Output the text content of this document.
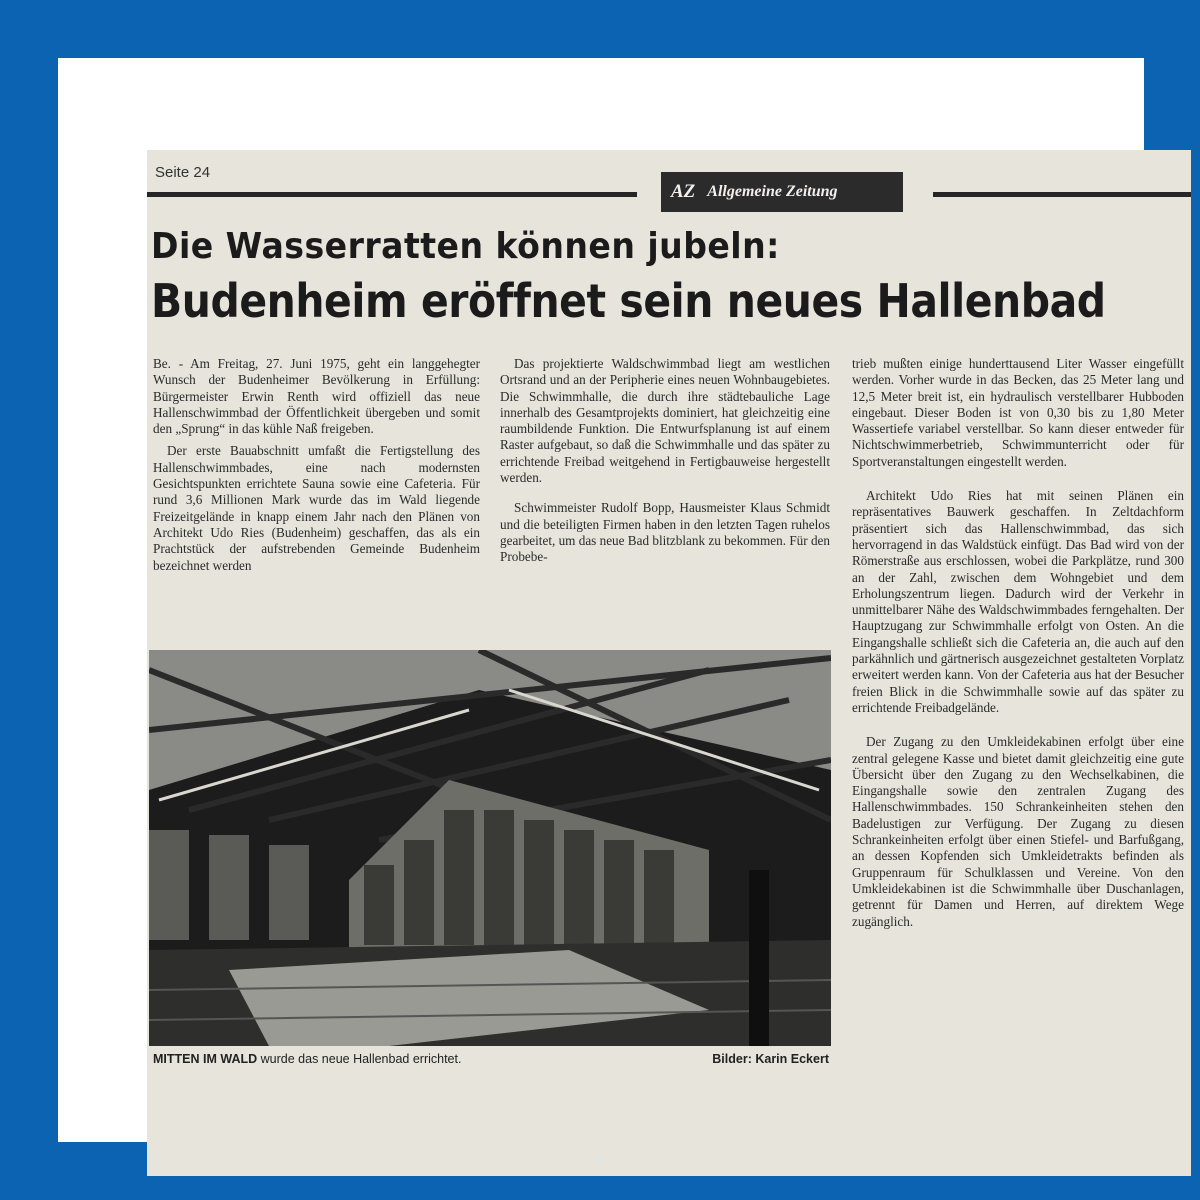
Seite 24
AZ Allgemeine Zeitung
Die Wasserratten können jubeln:
Budenheim eröffnet sein neues Hallenbad

Be. - Am Freitag, 27. Juni 1975, geht ein langgehegter Wunsch der Budenheimer Bevölkerung in Erfüllung: Bürgermeister Erwin Renth wird offiziell das neue Hallenschwimmbad der Öffentlichkeit übergeben und somit den „Sprung“ in das kühle Naß freigeben.

Der erste Bauabschnitt umfaßt die Fertigstellung des Hallenschwimmbades, eine nach modernsten Gesichtspunkten errichtete Sauna sowie eine Cafeteria. Für rund 3,6 Millionen Mark wurde das im Wald liegende Freizeitgelände in knapp einem Jahr nach den Plänen von Architekt Udo Ries (Budenheim) geschaffen, das als ein Prachtstück der aufstrebenden Gemeinde Budenheim bezeichnet werden

Das projektierte Waldschwimmbad liegt am westlichen Ortsrand und an der Peripherie eines neuen Wohnbaugebietes. Die Schwimmhalle, die durch ihre städtebauliche Lage innerhalb des Gesamtprojekts dominiert, hat gleichzeitig eine raumbildende Funktion. Die Entwurfsplanung ist auf einem Raster aufgebaut, so daß die Schwimmhalle und das später zu errichtende Freibad weitgehend in Fertigbauweise hergestellt werden.

Schwimmeister Rudolf Bopp, Hausmeister Klaus Schmidt und die beteiligten Firmen haben in den letzten Tagen ruhelos gearbeitet, um das neue Bad blitzblank zu bekommen. Für den Probebe-

trieb mußten einige hunderttausend Liter Wasser eingefüllt werden. Vorher wurde in das Becken, das 25 Meter lang und 12,5 Meter breit ist, ein hydraulisch verstellbarer Hubboden eingebaut. Dieser Boden ist von 0,30 bis zu 1,80 Meter Wassertiefe variabel verstellbar. So kann dieser entweder für Nichtschwimmerbetrieb, Schwimmunterricht oder für Sportveranstaltungen eingestellt werden.

Architekt Udo Ries hat mit seinen Plänen ein repräsentatives Bauwerk geschaffen. In Zeltdachform präsentiert sich das Hallenschwimmbad, das sich hervorragend in das Waldstück einfügt. Das Bad wird von der Römerstraße aus erschlossen, wobei die Parkplätze, rund 300 an der Zahl, zwischen dem Wohngebiet und dem Erholungszentrum liegen. Dadurch wird der Verkehr in unmittelbarer Nähe des Waldschwimmbades ferngehalten. Der Hauptzugang zur Schwimmhalle erfolgt von Osten. An die Eingangshalle schließt sich die Cafeteria an, die auch auf den parkähnlich und gärtnerisch ausgezeichnet gestalteten Vorplatz erweitert werden kann. Von der Cafeteria aus hat der Besucher freien Blick in die Schwimmhalle sowie auf das später zu errichtende Freibadgelände.

Der Zugang zu den Umkleidekabinen erfolgt über eine zentral gelegene Kasse und bietet damit gleichzeitig eine gute Übersicht über den Zugang zu den Wechselkabinen, die Eingangshalle sowie den zentralen Zugang des Hallenschwimmbades. 150 Schrankeinheiten stehen den Badelustigen zur Verfügung. Der Zugang zu diesen Schrankeinheiten erfolgt über einen Stiefel- und Barfußgang, an dessen Kopfenden sich Umkleidetrakts befinden als Gruppenraum für Schulklassen und Vereine. Von den Umkleidekabinen ist die Schwimmhalle über Duschanlagen, getrennt für Damen und Herren, auf direktem Wege zugänglich.

MITTEN IM WALD wurde das neue Hallenbad errichtet.	Bilder: Karin Eckert
7
